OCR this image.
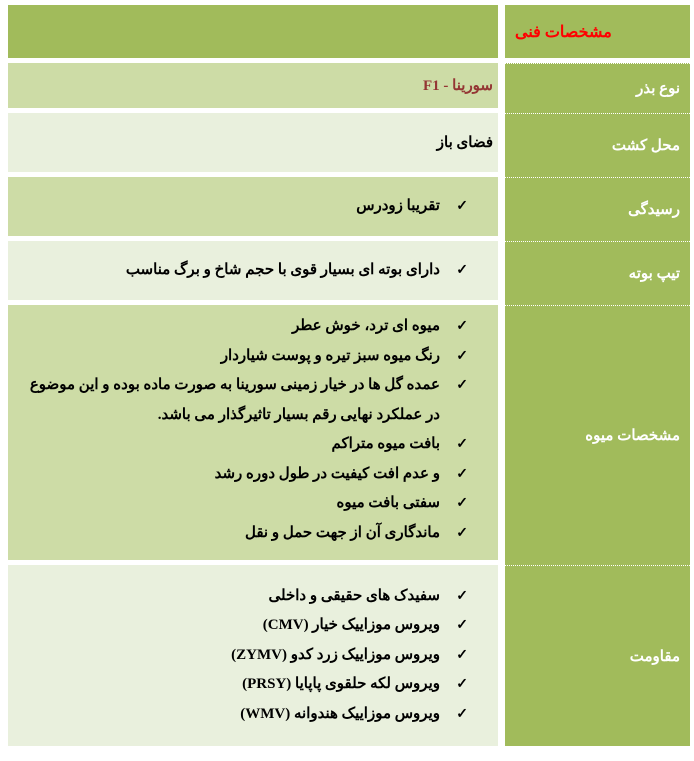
مشخصات فنی
سورینا - F1
فضای باز
✓
تقریبا زودرس
✓
دارای بوته ای بسیار قوی با حجم شاخ و برگ مناسب
✓
میوه ای ترد، خوش عطر
✓
رنگ میوه سبز تیره و پوست شیاردار
✓
عمده گل ها در خیار زمینی سورینا به صورت ماده بوده و این موضوع در عملکرد نهایی رقم بسیار تاثیرگذار می باشد.
✓
بافت میوه متراکم
✓
و عدم افت کیفیت در طول دوره رشد
✓
سفتی بافت میوه
✓
ماندگاری آن از جهت حمل و نقل
✓
سفیدک های حقیقی و داخلی
✓
ویروس موزاییک خیار (CMV)
✓
ویروس موزاییک زرد کدو (ZYMV)
✓
ویروس لکه حلقوی پاپایا (PRSY)
✓
ویروس موزاییک هندوانه (WMV)
نوع بذر
محل کشت
رسیدگی
تیپ بوته
مشخصات میوه
مقاومت
